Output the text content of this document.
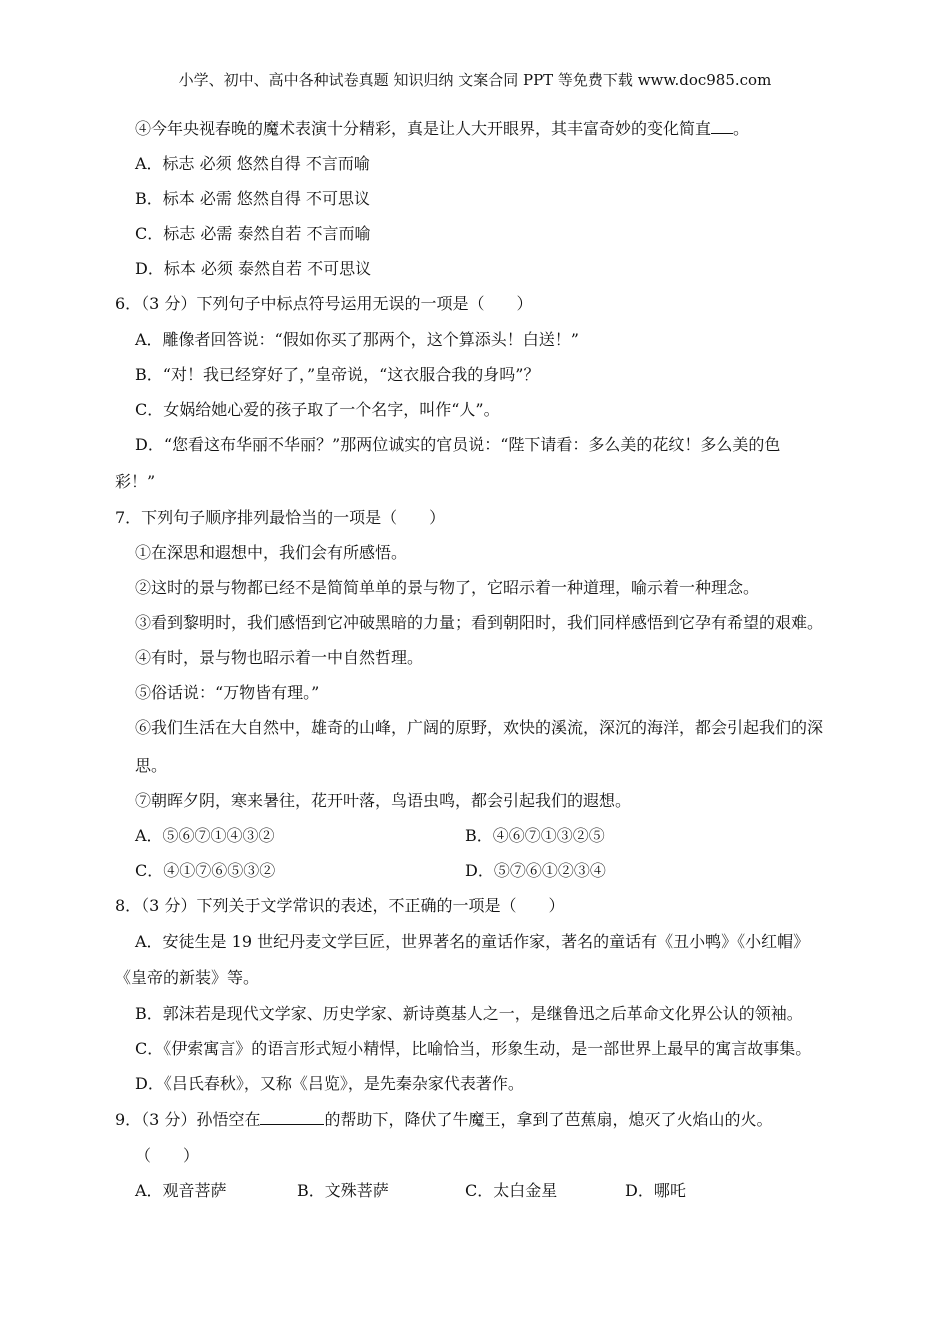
小学、初中、高中各种试卷真题 知识归纳 文案合同 PPT 等免费下载 www.doc985.com
④今年央视春晚的魔术表演十分精彩，真是让人大开眼界，其丰富奇妙的变化简直 。
A．标志 必须 悠然自得 不言而喻
B．标本 必需 悠然自得 不可思议
C．标志 必需 泰然自若 不言而喻
D．标本 必须 泰然自若 不可思议
6．（3 分）下列句子中标点符号运用无误的一项是（　　）
A．雕像者回答说：“假如你买了那两个，这个算添头！白送！”
B．“对！我已经穿好了，”皇帝说，“这衣服合我的身吗”？
C．女娲给她心爱的孩子取了一个名字，叫作“人”。
D．“您看这布华丽不华丽？”那两位诚实的官员说：“陛下请看：多么美的花纹！多么美的色
彩！”
7．下列句子顺序排列最恰当的一项是（　　）
①在深思和遐想中，我们会有所感悟。
②这时的景与物都已经不是简简单单的景与物了，它昭示着一种道理，喻示着一种理念。
③看到黎明时，我们感悟到它冲破黑暗的力量；看到朝阳时，我们同样感悟到它孕有希望的艰难。
④有时，景与物也昭示着一中自然哲理。
⑤俗话说：“万物皆有理。”
⑥我们生活在大自然中，雄奇的山峰，广阔的原野，欢快的溪流，深沉的海洋，都会引起我们的深
思。
⑦朝晖夕阴，寒来暑往，花开叶落，鸟语虫鸣，都会引起我们的遐想。
A．⑤⑥⑦①④③②	B．④⑥⑦①③②⑤
C．④①⑦⑥⑤③②	D．⑤⑦⑥①②③④
8．（3 分）下列关于文学常识的表述，不正确的一项是（　　）
A．安徒生是 19 世纪丹麦文学巨匠，世界著名的童话作家，著名的童话有《丑小鸭》《小红帽》
《皇帝的新装》等。
B．郭沫若是现代文学家、历史学家、新诗奠基人之一，是继鲁迅之后革命文化界公认的领袖。
C．《伊索寓言》的语言形式短小精悍，比喻恰当，形象生动，是一部世界上最早的寓言故事集。
D．《吕氏春秋》，又称《吕览》，是先秦杂家代表著作。
9．（3 分）孙悟空在	的帮助下，降伏了牛魔王，拿到了芭蕉扇，熄灭了火焰山的火。
（　　）
A．观音菩萨	B．文殊菩萨	C．太白金星	D．哪吒
